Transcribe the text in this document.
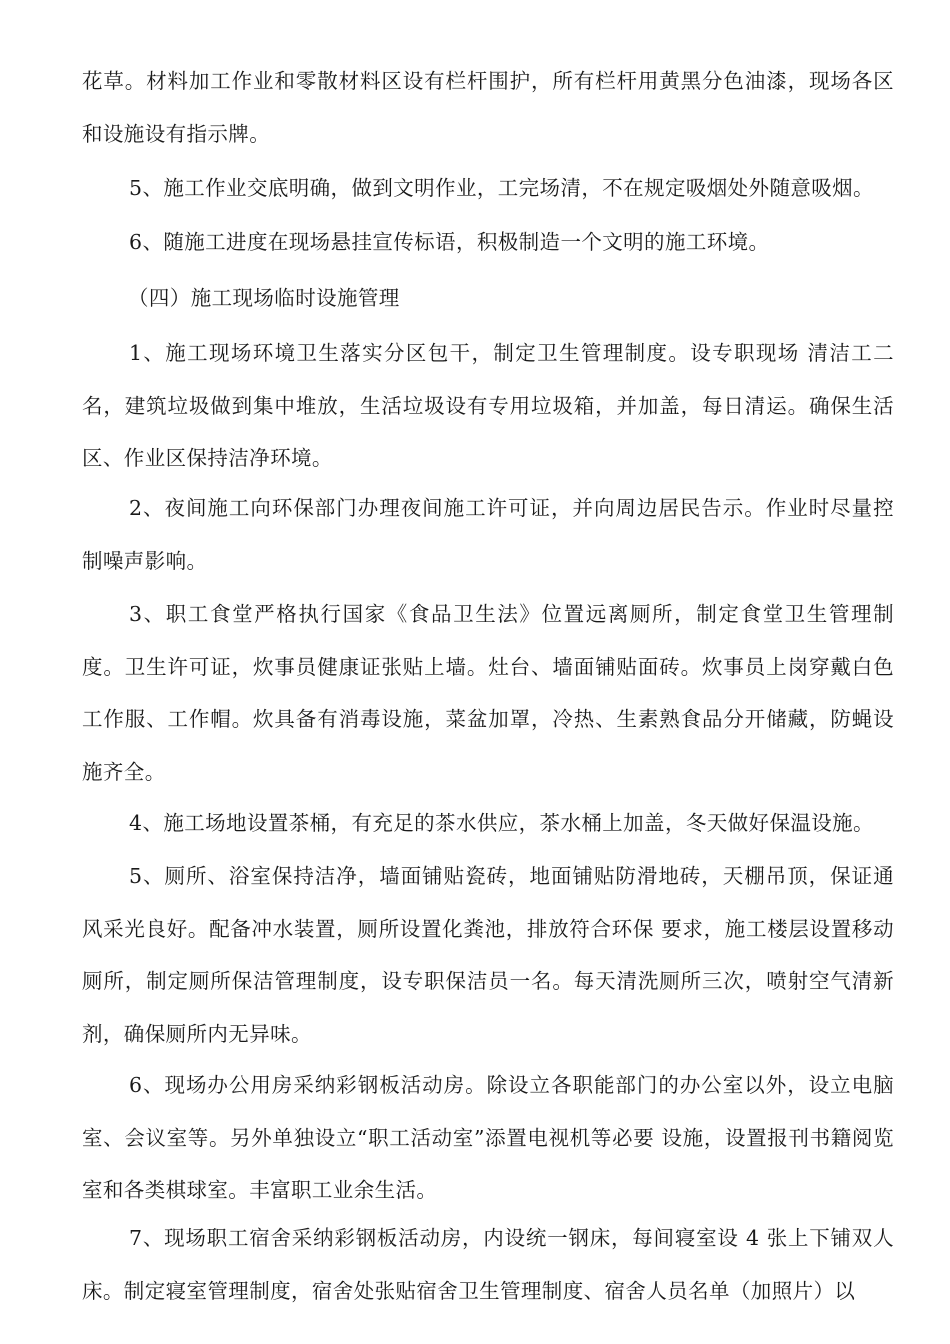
花草。材料加工作业和零散材料区设有栏杆围护，所有栏杆用黄黑分色油漆，现场各区和设施设有指示牌。

5、施工作业交底明确，做到文明作业，工完场清，不在规定吸烟处外随意吸烟。

6、随施工进度在现场悬挂宣传标语，积极制造一个文明的施工环境。

（四）施工现场临时设施管理

1、施工现场环境卫生落实分区包干，制定卫生管理制度。设专职现场 清洁工二名，建筑垃圾做到集中堆放，生活垃圾设有专用垃圾箱，并加盖，每日清运。确保生活区、作业区保持洁净环境。

2、夜间施工向环保部门办理夜间施工许可证，并向周边居民告示。作业时尽量控制噪声影响。

3、职工食堂严格执行国家《食品卫生法》位置远离厕所，制定食堂卫生管理制度。卫生许可证，炊事员健康证张贴上墙。灶台、墙面铺贴面砖。炊事员上岗穿戴白色工作服、工作帽。炊具备有消毒设施，菜盆加罩，冷热、生素熟食品分开储藏，防蝇设施齐全。

4、施工场地设置茶桶，有充足的茶水供应，茶水桶上加盖，冬天做好保温设施。

5、厕所、浴室保持洁净，墙面铺贴瓷砖，地面铺贴防滑地砖，天棚吊顶，保证通风采光良好。配备冲水装置，厕所设置化粪池，排放符合环保 要求，施工楼层设置移动厕所，制定厕所保洁管理制度，设专职保洁员一名。每天清洗厕所三次，喷射空气清新剂，确保厕所内无异味。

6、现场办公用房采纳彩钢板活动房。除设立各职能部门的办公室以外，设立电脑室、会议室等。另外单独设立“职工活动室”添置电视机等必要 设施，设置报刊书籍阅览室和各类棋球室。丰富职工业余生活。

7、现场职工宿舍采纳彩钢板活动房，内设统一钢床，每间寝室设 4 张上下铺双人床。制定寝室管理制度，宿舍处张贴宿舍卫生管理制度、宿舍人员名单（加照片）以
